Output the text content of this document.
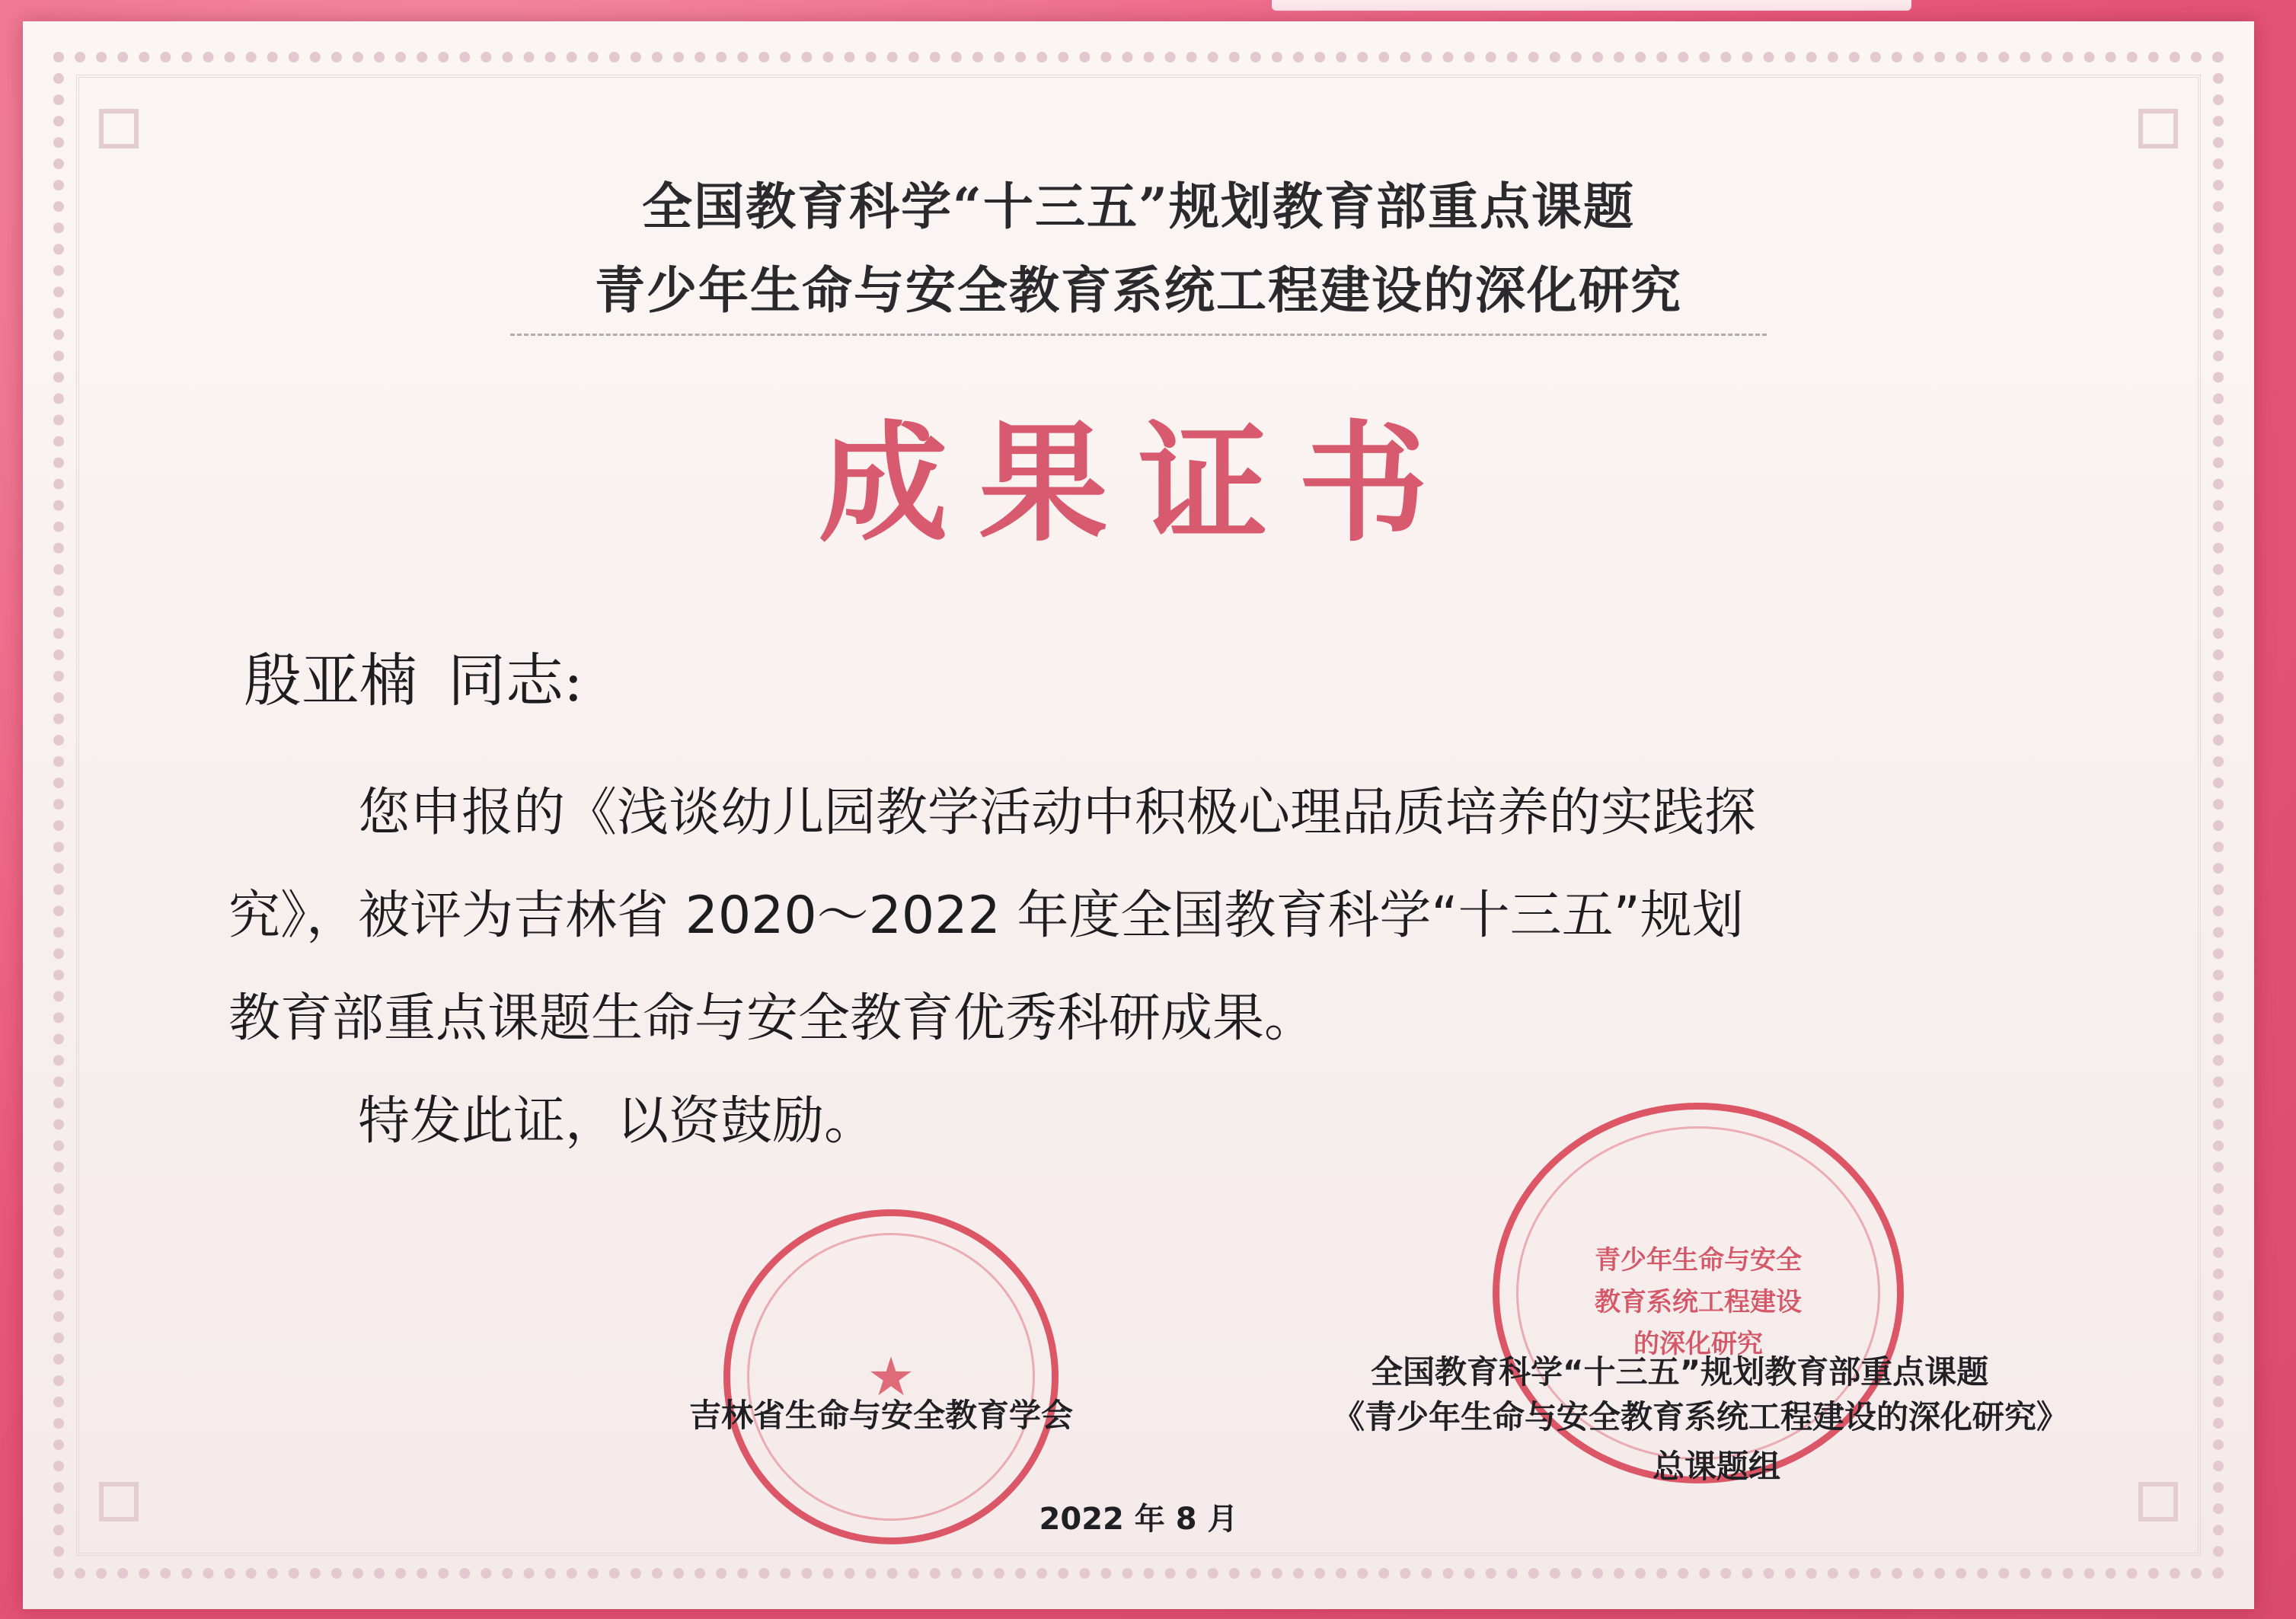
全国教育科学“十三五”规划教育部重点课题
青少年生命与安全教育系统工程建设的深化研究
成果证书
殷亚楠 同志:
您申报的《浅谈幼儿园教学活动中积极心理品质培养的实践探
究》，被评为吉林省 2020～2022 年度全国教育科学“十三五”规划
教育部重点课题生命与安全教育优秀科研成果。
特发此证，以资鼓励。
★
青少年生命与安全
教育系统工程建设
的深化研究
吉林省生命与安全教育学会
全国教育科学“十三五”规划教育部重点课题
《青少年生命与安全教育系统工程建设的深化研究》
总课题组
2022 年 8 月
